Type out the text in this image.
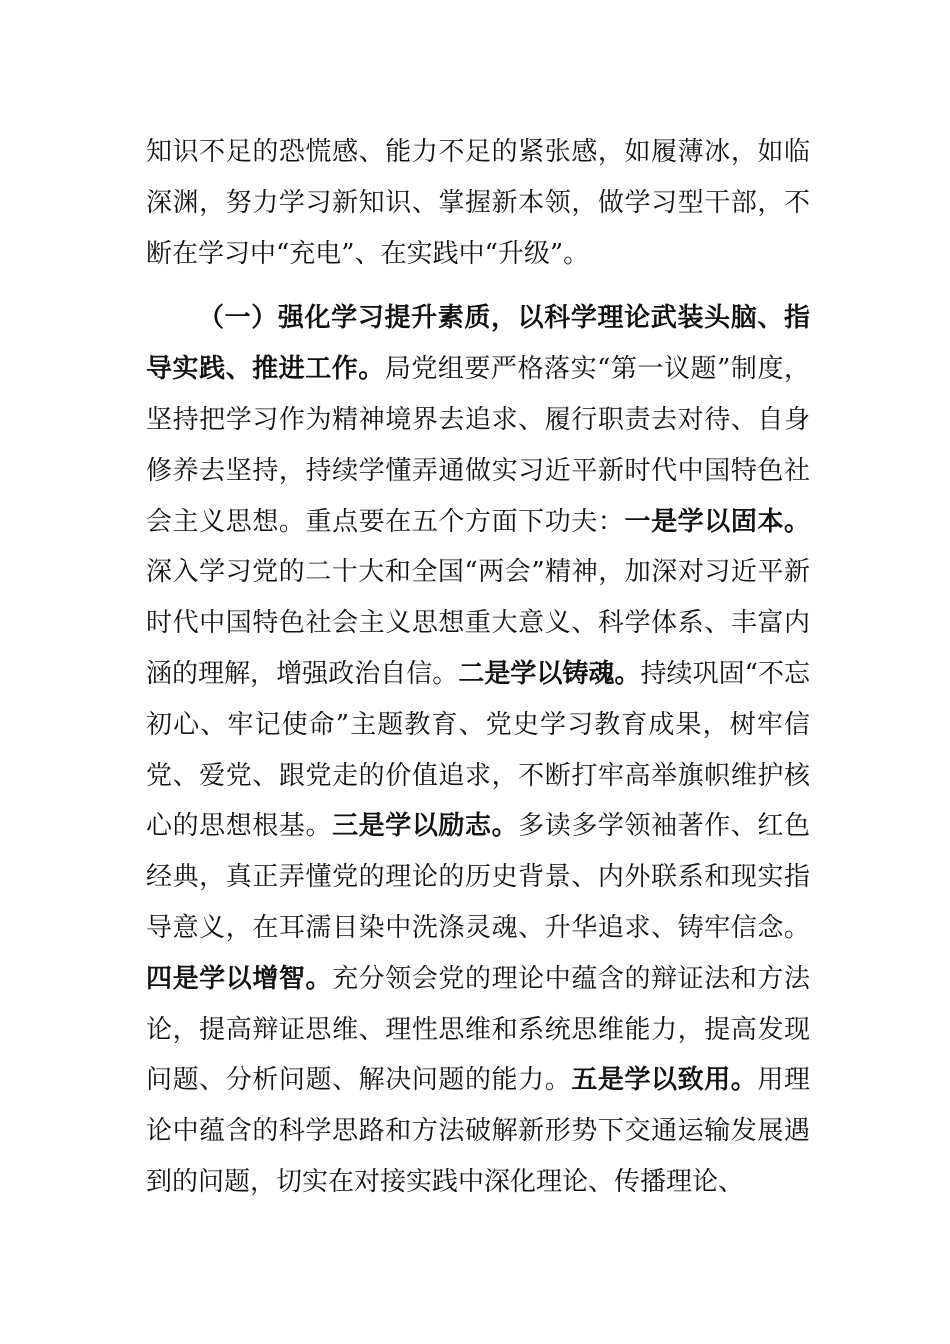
知识不足的恐慌感、能力不足的紧张感，如履薄冰，如临深渊，努力学习新知识、掌握新本领，做学习型干部，不断在学习中“充电”、在实践中“升级”。

（一）强化学习提升素质，以科学理论武装头脑、指导实践、推进工作。局党组要严格落实“第一议题”制度，坚持把学习作为精神境界去追求、履行职责去对待、自身修养去坚持，持续学懂弄通做实习近平新时代中国特色社会主义思想。重点要在五个方面下功夫：一是学以固本。深入学习党的二十大和全国“两会”精神，加深对习近平新时代中国特色社会主义思想重大意义、科学体系、丰富内涵的理解，增强政治自信。二是学以铸魂。持续巩固“不忘初心、牢记使命”主题教育、党史学习教育成果，树牢信党、爱党、跟党走的价值追求，不断打牢高举旗帜维护核心的思想根基。三是学以励志。多读多学领袖著作、红色经典，真正弄懂党的理论的历史背景、内外联系和现实指导意义，在耳濡目染中洗涤灵魂、升华追求、铸牢信念。四是学以增智。充分领会党的理论中蕴含的辩证法和方法论，提高辩证思维、理性思维和系统思维能力，提高发现问题、分析问题、解决问题的能力。五是学以致用。用理论中蕴含的科学思路和方法破解新形势下交通运输发展遇到的问题，切实在对接实践中深化理论、传播理论、
